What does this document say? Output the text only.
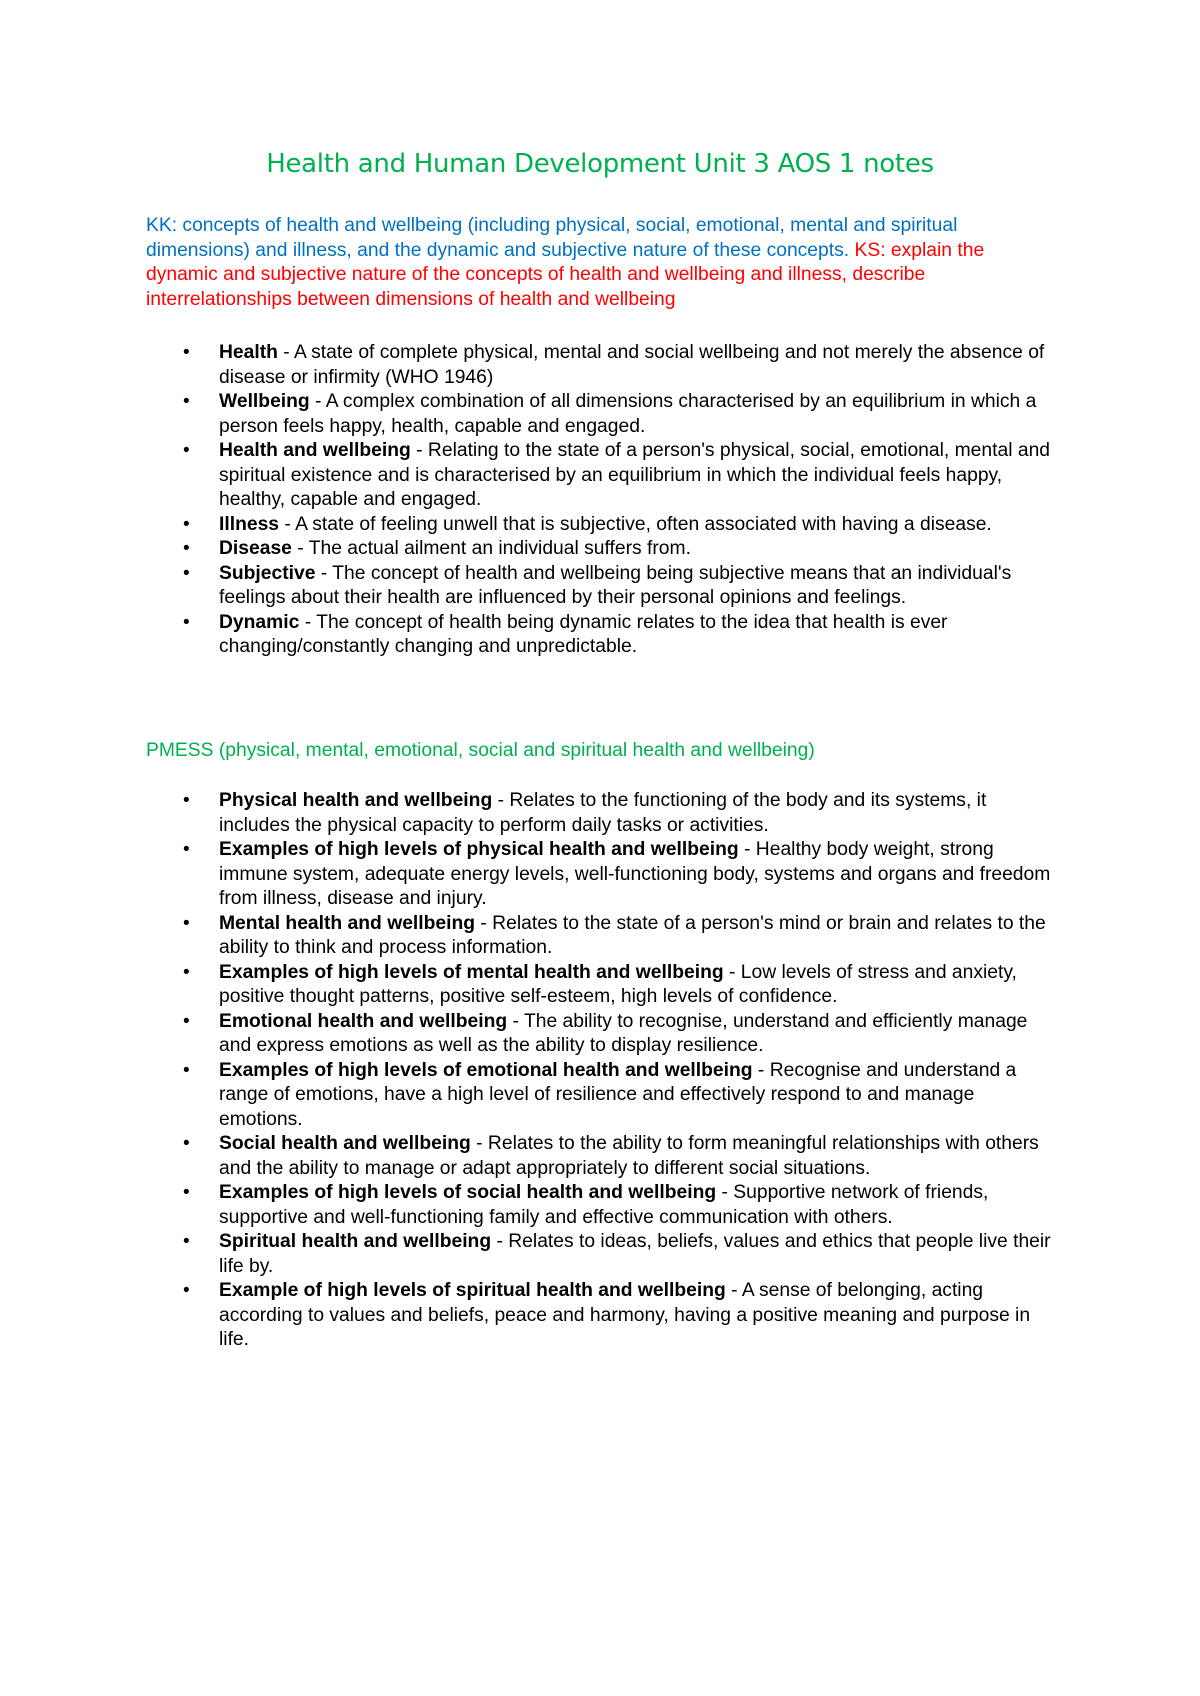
Health and Human Development Unit 3 AOS 1 notes
KK: concepts of health and wellbeing (including physical, social, emotional, mental and spiritual dimensions) and illness, and the dynamic and subjective nature of these concepts. KS: explain the dynamic and subjective nature of the concepts of health and wellbeing and illness, describe interrelationships between dimensions of health and wellbeing
• Health - A state of complete physical, mental and social wellbeing and not merely the absence of disease or infirmity (WHO 1946)
• Wellbeing - A complex combination of all dimensions characterised by an equilibrium in which a person feels happy, health, capable and engaged.
• Health and wellbeing - Relating to the state of a person's physical, social, emotional, mental and spiritual existence and is characterised by an equilibrium in which the individual feels happy, healthy, capable and engaged.
• Illness - A state of feeling unwell that is subjective, often associated with having a disease.
• Disease - The actual ailment an individual suffers from.
• Subjective - The concept of health and wellbeing being subjective means that an individual's feelings about their health are influenced by their personal opinions and feelings.
• Dynamic - The concept of health being dynamic relates to the idea that health is ever changing/constantly changing and unpredictable.
PMESS (physical, mental, emotional, social and spiritual health and wellbeing)
• Physical health and wellbeing - Relates to the functioning of the body and its systems, it includes the physical capacity to perform daily tasks or activities.
• Examples of high levels of physical health and wellbeing - Healthy body weight, strong immune system, adequate energy levels, well-functioning body, systems and organs and freedom from illness, disease and injury.
• Mental health and wellbeing - Relates to the state of a person's mind or brain and relates to the ability to think and process information.
• Examples of high levels of mental health and wellbeing - Low levels of stress and anxiety, positive thought patterns, positive self-esteem, high levels of confidence.
• Emotional health and wellbeing - The ability to recognise, understand and efficiently manage and express emotions as well as the ability to display resilience.
• Examples of high levels of emotional health and wellbeing - Recognise and understand a range of emotions, have a high level of resilience and effectively respond to and manage emotions.
• Social health and wellbeing - Relates to the ability to form meaningful relationships with others and the ability to manage or adapt appropriately to different social situations.
• Examples of high levels of social health and wellbeing - Supportive network of friends, supportive and well-functioning family and effective communication with others.
• Spiritual health and wellbeing - Relates to ideas, beliefs, values and ethics that people live their life by.
• Example of high levels of spiritual health and wellbeing - A sense of belonging, acting according to values and beliefs, peace and harmony, having a positive meaning and purpose in life.
